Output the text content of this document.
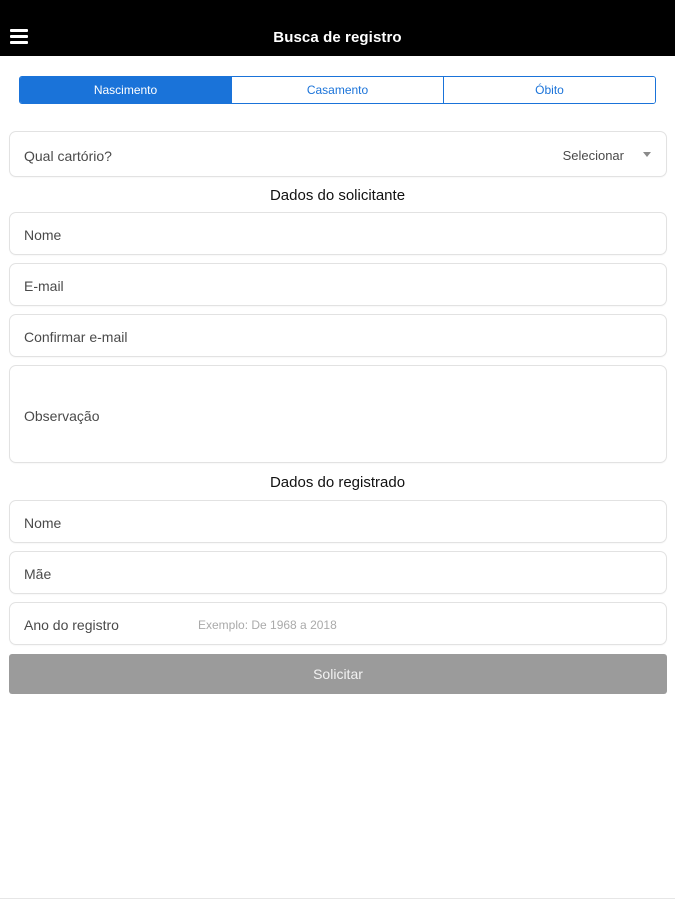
Busca de registro
Nascimento	Casamento	Óbito
Qual cartório?	Selecionar
Dados do solicitante
Nome
E-mail
Confirmar e-mail
Observação
Dados do registrado
Nome
Mãe
Ano do registro
Exemplo: De 1968 a 2018
Solicitar
